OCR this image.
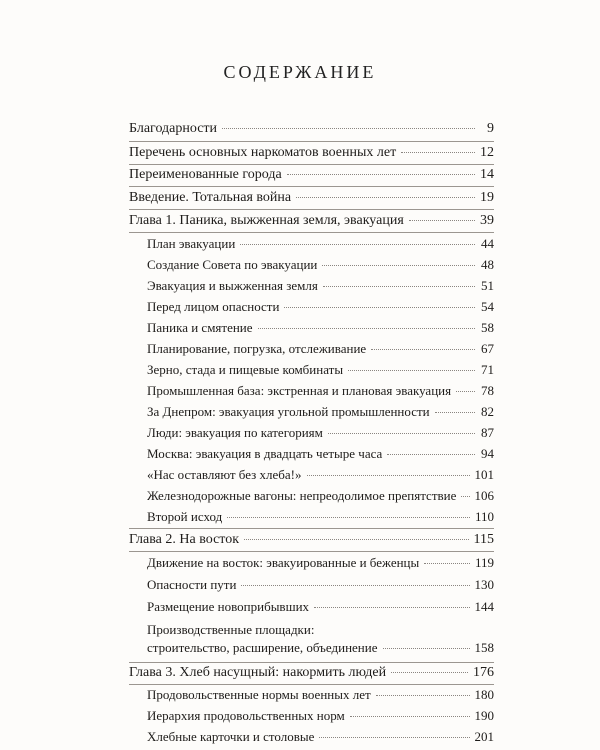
СОДЕРЖАНИЕ
Благодарности	9
Перечень основных наркоматов военных лет	12
Переименованные города	14
Введение. Тотальная война	19
Глава 1. Паника, выжженная земля, эвакуация	39
План эвакуации	44
Создание Совета по эвакуации	48
Эвакуация и выжженная земля	51
Перед лицом опасности	54
Паника и смятение	58
Планирование, погрузка, отслеживание	67
Зерно, стада и пищевые комбинаты	71
Промышленная база: экстренная и плановая эвакуация 78
За Днепром: эвакуация угольной промышленности	82
Люди: эвакуация по категориям	87
Москва: эвакуация в двадцать четыре часа	94
«Нас оставляют без хлеба!»	101
Железнодорожные вагоны: непреодолимое препятствие 106
Второй исход	110
Глава 2. На восток	115
Движение на восток: эвакуированные и беженцы	119
Опасности пути	130
Размещение новоприбывших	144
Производственные площадки:
строительство, расширение, объединение	158
Глава 3. Хлеб насущный: накормить людей	176
Продовольственные нормы военных лет	180
Иерархия продовольственных норм	190
Хлебные карточки и столовые	201
